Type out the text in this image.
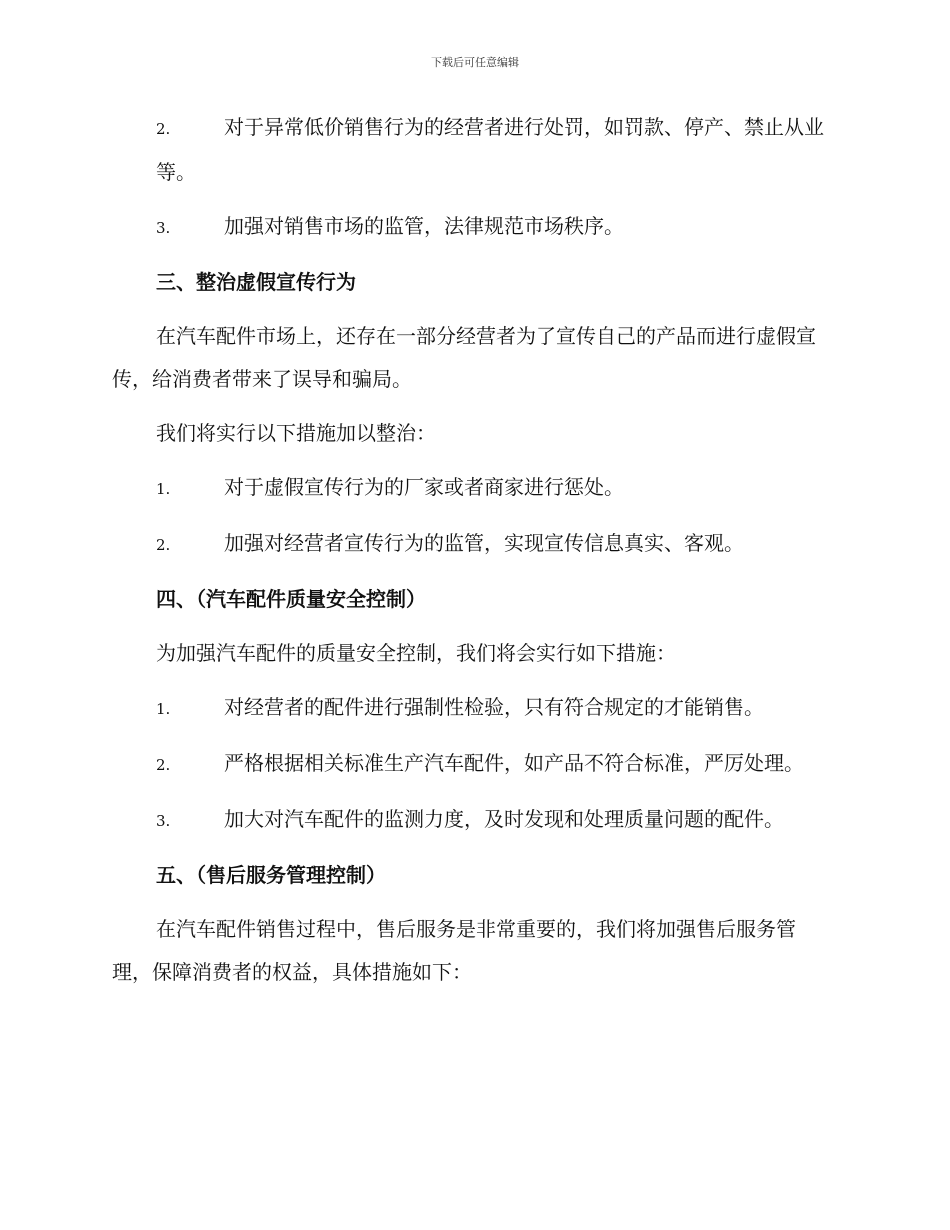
下载后可任意编辑
2.	对于异常低价销售行为的经营者进行处罚，如罚款、停产、禁止从业等。
3.	加强对销售市场的监管，法律规范市场秩序。
三、整治虚假宣传行为
在汽车配件市场上，还存在一部分经营者为了宣传自己的产品而进行虚假宣传，给消费者带来了误导和骗局。
我们将实行以下措施加以整治：
1.	对于虚假宣传行为的厂家或者商家进行惩处。
2.	加强对经营者宣传行为的监管，实现宣传信息真实、客观。
四、（汽车配件质量安全控制）
为加强汽车配件的质量安全控制，我们将会实行如下措施：
1.	对经营者的配件进行强制性检验，只有符合规定的才能销售。
2.	严格根据相关标准生产汽车配件，如产品不符合标准，严厉处理。
3.	加大对汽车配件的监测力度，及时发现和处理质量问题的配件。
五、（售后服务管理控制）
在汽车配件销售过程中，售后服务是非常重要的，我们将加强售后服务管理，保障消费者的权益，具体措施如下：
